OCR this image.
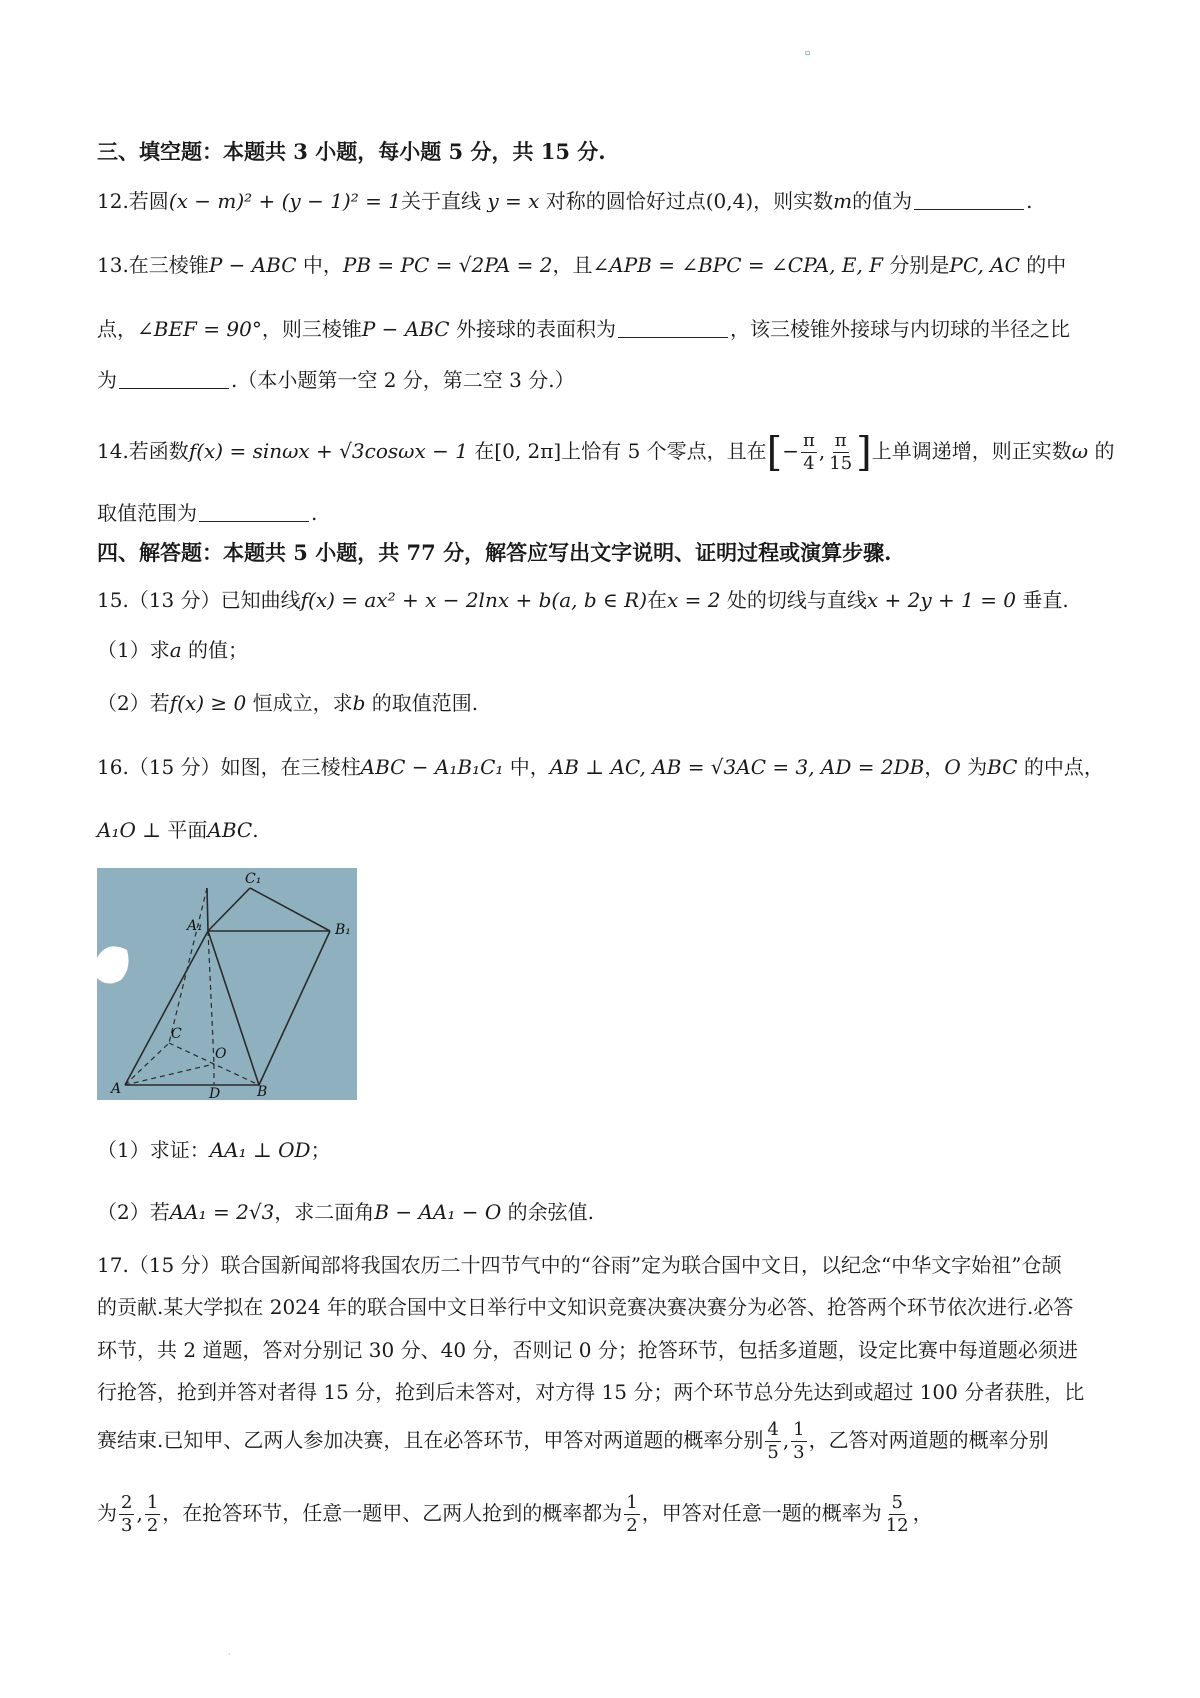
▫
三、填空题：本题共 3 小题，每小题 5 分，共 15 分.
12.若圆(x − m)² + (y − 1)² = 1关于直线 y = x 对称的圆恰好过点(0,4)，则实数m的值为	.
13.在三棱锥P − ABC 中，PB = PC = √2PA = 2，且∠APB = ∠BPC = ∠CPA, E, F 分别是PC, AC 的中
点，∠BEF = 90°，则三棱锥P − ABC 外接球的表面积为	，该三棱锥外接球与内切球的半径之比
为	.（本小题第一空 2 分，第二空 3 分.）
14.若函数f(x) = sinωx + √3cosωx − 1 在[0, 2π]上恰有 5 个零点，且在[− $\frac{\pi}{4}$ , $\frac{\pi}{15}$ ]上单调递增，则正实数ω 的
取值范围为	.
四、解答题：本题共 5 小题，共 77 分，解答应写出文字说明、证明过程或演算步骤.
15.（13 分）已知曲线f(x) = ax² + x − 2lnx + b(a, b ∈ R)在x = 2 处的切线与直线x + 2y + 1 = 0 垂直.
（1）求a 的值；
（2）若f(x) ≥ 0 恒成立，求b 的取值范围.
16.（15 分）如图，在三棱柱ABC − A₁B₁C₁ 中，AB ⊥ AC, AB = √3AC = 3, AD = 2DB，O 为BC 的中点，
A₁O ⊥ 平面ABC.
C₁
A₁	B₁
C
O
A	D	B
（1）求证：AA₁ ⊥ OD；
（2）若AA₁ = 2√3，求二面角B − AA₁ − O 的余弦值.
17.（15 分）联合国新闻部将我国农历二十四节气中的“谷雨”定为联合国中文日，以纪念“中华文字始祖”仓颉
的贡献.某大学拟在 2024 年的联合国中文日举行中文知识竞赛决赛决赛分为必答、抢答两个环节依次进行.必答
环节，共 2 道题，答对分别记 30 分、40 分，否则记 0 分；抢答环节，包括多道题，设定比赛中每道题必须进
行抢答，抢到并答对者得 15 分，抢到后未答对，对方得 15 分；两个环节总分先达到或超过 100 分者获胜，比
赛结束.已知甲、乙两人参加决赛，且在必答环节，甲答对两道题的概率分别 $\frac{4}{5}$ , $\frac{1}{3}$ ，乙答对两道题的概率分别
为 $\frac{2}{3}$ , $\frac{1}{2}$ ，在抢答环节，任意一题甲、乙两人抢到的概率都为 $\frac{1}{2}$ ，甲答对任意一题的概率为 $\frac{5}{12}$ ，
·
